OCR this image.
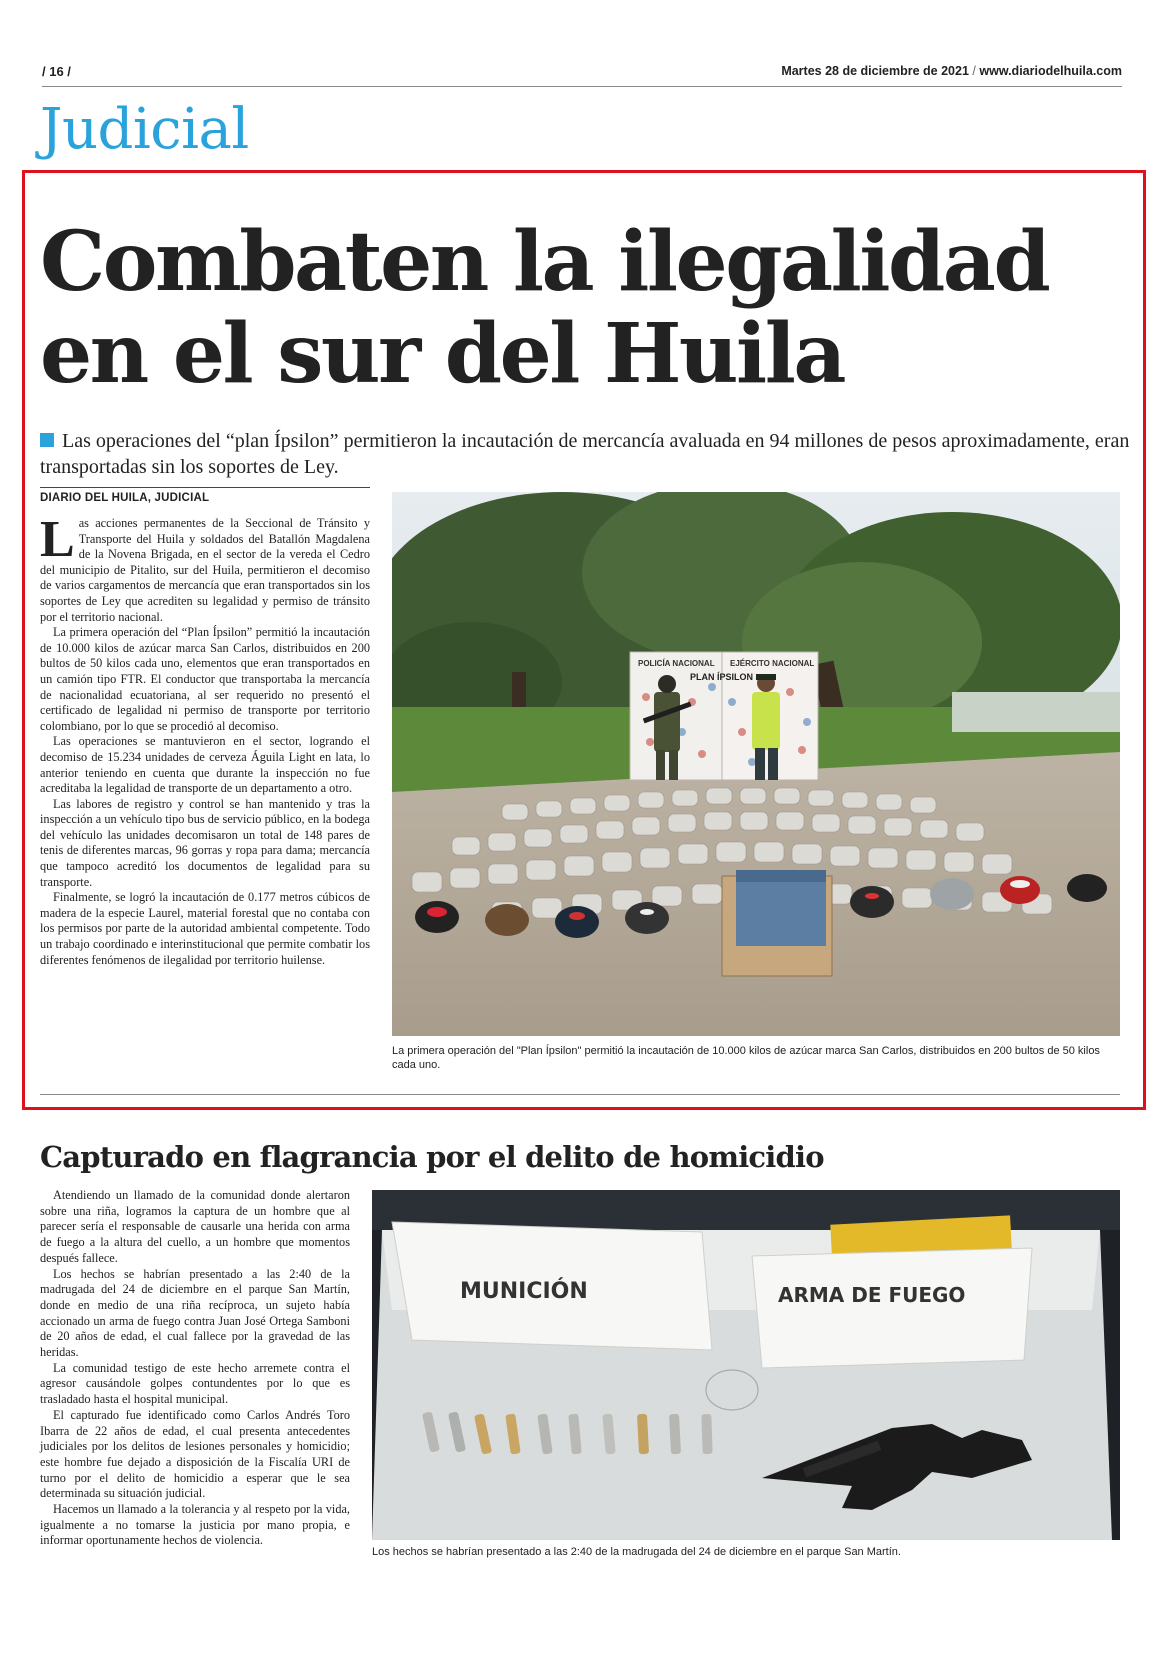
/ 16 /	Martes 28 de diciembre de 2021 / www.diariodelhuila.com
Judicial
Combaten la ilegalidad
en el sur del Huila
Las operaciones del “plan Ípsilon” permitieron la incautación de mercancía avaluada en 94 millones de pesos aproximadamente, eran transportadas sin los soportes de Ley.
DIARIO DEL HUILA, JUDICIAL

Las acciones permanentes de la Seccional de Tránsito y Transporte del Huila y soldados del Batallón Magdalena de la Novena Brigada, en el sector de la vereda el Cedro del municipio de Pitalito, sur del Huila, permitieron el decomiso de varios cargamentos de mercancía que eran transportados sin los soportes de Ley que acrediten su legalidad y permiso de tránsito por el territorio nacional.

La primera operación del “Plan Ípsilon” permitió la incautación de 10.000 kilos de azúcar marca San Carlos, distribuidos en 200 bultos de 50 kilos cada uno, elementos que eran transportados en un camión tipo FTR. El conductor que transportaba la mercancía de nacionalidad ecuatoriana, al ser requerido no presentó el certificado de legalidad ni permiso de transporte por territorio colombiano, por lo que se procedió al decomiso.

Las operaciones se mantuvieron en el sector, logrando el decomiso de 15.234 unidades de cerveza Águila Light en lata, lo anterior teniendo en cuenta que durante la inspección no fue acreditaba la legalidad de transporte de un departamento a otro.

Las labores de registro y control se han mantenido y tras la inspección a un vehículo tipo bus de servicio público, en la bodega del vehículo las unidades decomisaron un total de 148 pares de tenis de diferentes marcas, 96 gorras y ropa para dama; mercancía que tampoco acreditó los documentos de legalidad para su transporte.

Finalmente, se logró la incautación de 0.177 metros cúbicos de madera de la especie Laurel, material forestal que no contaba con los permisos por parte de la autoridad ambiental competente. Todo un trabajo coordinado e interinstitucional que permite combatir los diferentes fenómenos de ilegalidad por territorio huilense.

POLICÍA NACIONAL EJÉRCITO NACIONAL
PLAN ÍPSILON
La primera operación del "Plan Ípsilon" permitió la incautación de 10.000 kilos de azúcar marca San Carlos, distribuidos en 200 bultos de 50 kilos cada uno.
Capturado en flagrancia por el delito de homicidio

Atendiendo un llamado de la comunidad donde alertaron sobre una riña, logramos la captura de un hombre que al parecer sería el responsable de causarle una herida con arma de fuego a la altura del cuello, a un hombre que momentos después fallece.

Los hechos se habrían presentado a las 2:40 de la madrugada del 24 de diciembre en el parque San Martín, donde en medio de una riña recíproca, un sujeto había accionado un arma de fuego contra Juan José Ortega Samboni de 20 años de edad, el cual fallece por la gravedad de las heridas.

La comunidad testigo de este hecho arremete contra el agresor causándole golpes contundentes por lo que es trasladado hasta el hospital municipal.

El capturado fue identificado como Carlos Andrés Toro Ibarra de 22 años de edad, el cual presenta antecedentes judiciales por los delitos de lesiones personales y homicidio; este hombre fue dejado a disposición de la Fiscalía URI de turno por el delito de homicidio a esperar que le sea determinada su situación judicial.

Hacemos un llamado a la tolerancia y al respeto por la vida, igualmente a no tomarse la justicia por mano propia, e informar oportunamente hechos de violencia.

MUNICIÓN	ARMA DE FUEGO
Los hechos se habrían presentado a las 2:40 de la madrugada del 24 de diciembre en el parque San Martín.
